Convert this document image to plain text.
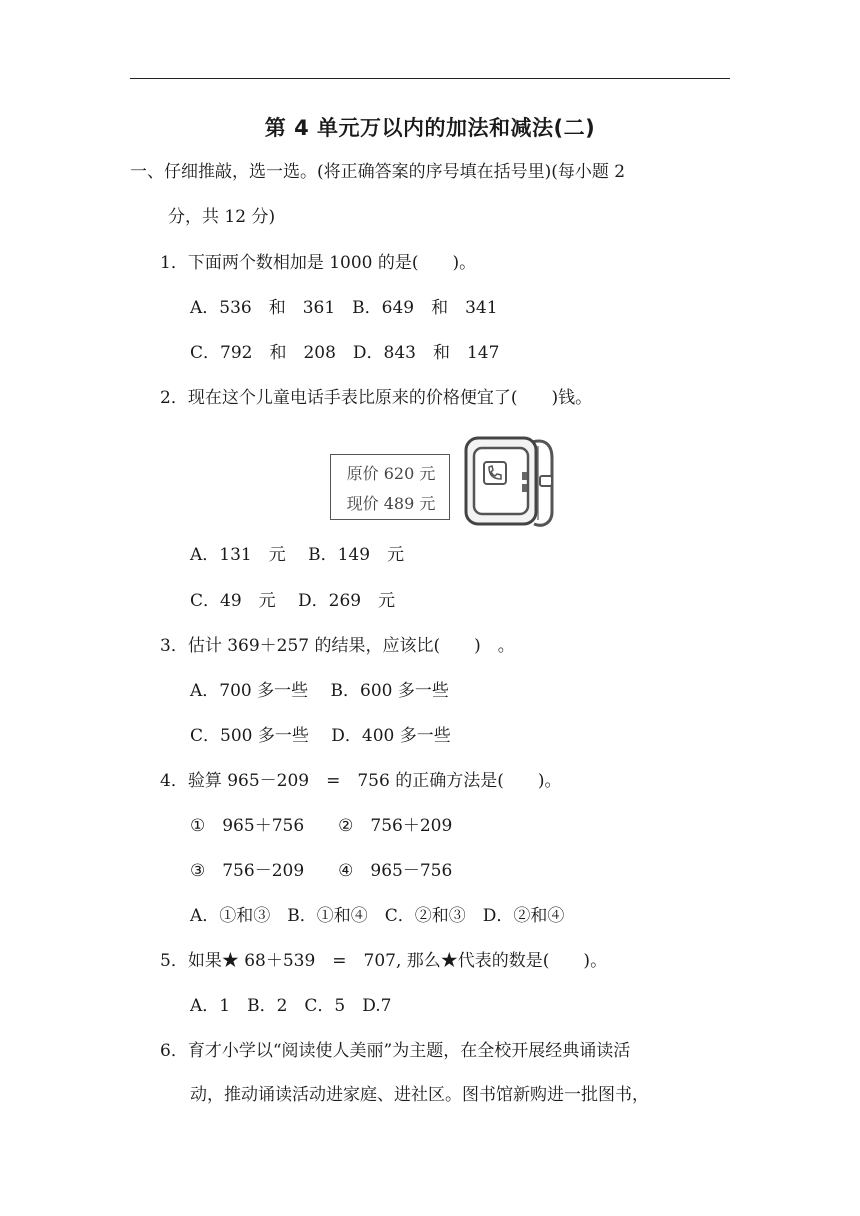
第 4 单元万以内的加法和减法(二)
一、仔细推敲，选一选。(将正确答案的序号填在括号里)(每小题 2
分，共 12 分)
1．下面两个数相加是 1000 的是(　　)。
A．536　和　361　B．649　和　341
C．792　和　208　D．843　和　147
2．现在这个儿童电话手表比原来的价格便宜了(　　)钱。
原价 620 元
现价 489 元
A．131　元　 B．149　元
C．49　元　 D．269　元
3．估计 369＋257 的结果，应该比(　　)　。
A．700 多一些　 B．600 多一些
C．500 多一些　 D．400 多一些
4．验算 965－209　=　756 的正确方法是(　　)。
①　965＋756　　②　756＋209
③　756－209　　④　965－756
A．①和③　B．①和④　C．②和③　D．②和④
5．如果★ 68＋539　=　707, 那么★代表的数是(　　)。
A．1　B．2　C．5　D.7
6．育才小学以“阅读使人美丽”为主题，在全校开展经典诵读活
动，推动诵读活动进家庭、进社区。图书馆新购进一批图书，
